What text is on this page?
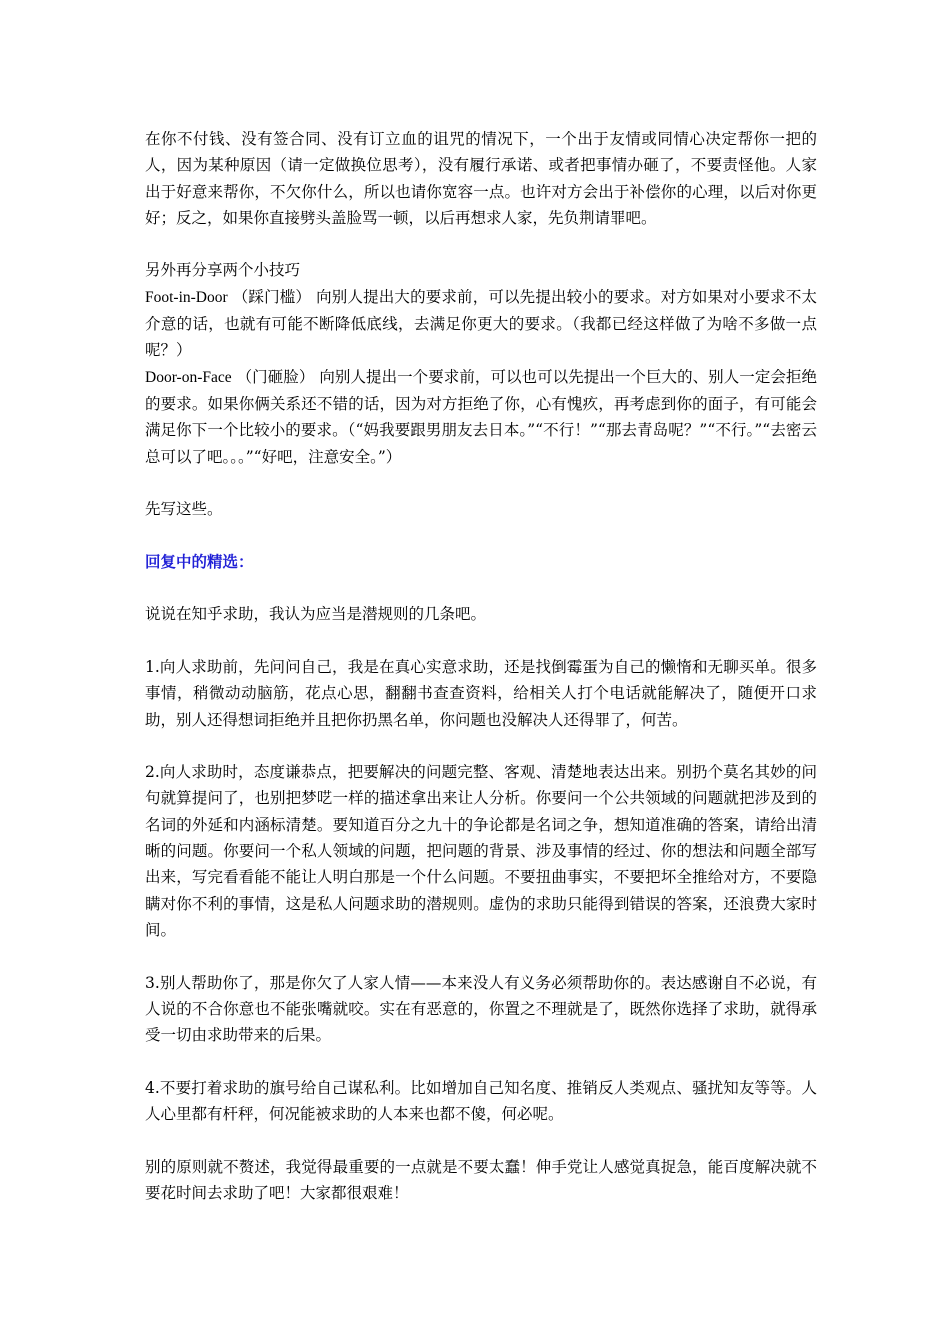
在你不付钱、没有签合同、没有订立血的诅咒的情况下，一个出于友情或同情心决定帮你一把的人，因为某种原因（请一定做换位思考），没有履行承诺、或者把事情办砸了，不要责怪他。人家出于好意来帮你，不欠你什么，所以也请你宽容一点。也许对方会出于补偿你的心理，以后对你更好；反之，如果你直接劈头盖脸骂一顿，以后再想求人家，先负荆请罪吧。

另外再分享两个小技巧

Foot-in-Door （踩门槛） 向别人提出大的要求前，可以先提出较小的要求。对方如果对小要求不太介意的话，也就有可能不断降低底线，去满足你更大的要求。（我都已经这样做了为啥不多做一点呢？）

Door-on-Face （门砸脸） 向别人提出一个要求前，可以也可以先提出一个巨大的、别人一定会拒绝的要求。如果你俩关系还不错的话，因为对方拒绝了你，心有愧疚，再考虑到你的面子，有可能会满足你下一个比较小的要求。（“妈我要跟男朋友去日本。”“不行！”“那去青岛呢？”“不行。”“去密云总可以了吧。。。”“好吧，注意安全。”）

先写这些。

回复中的精选：

说说在知乎求助，我认为应当是潜规则的几条吧。

1.向人求助前，先问问自己，我是在真心实意求助，还是找倒霉蛋为自己的懒惰和无聊买单。很多事情，稍微动动脑筋，花点心思，翻翻书查查资料，给相关人打个电话就能解决了，随便开口求助，别人还得想词拒绝并且把你扔黑名单，你问题也没解决人还得罪了，何苦。

2.向人求助时，态度谦恭点，把要解决的问题完整、客观、清楚地表达出来。别扔个莫名其妙的问句就算提问了，也别把梦呓一样的描述拿出来让人分析。你要问一个公共领域的问题就把涉及到的名词的外延和内涵标清楚。要知道百分之九十的争论都是名词之争，想知道准确的答案，请给出清晰的问题。你要问一个私人领域的问题，把问题的背景、涉及事情的经过、你的想法和问题全部写出来，写完看看能不能让人明白那是一个什么问题。不要扭曲事实，不要把坏全推给对方，不要隐瞒对你不利的事情，这是私人问题求助的潜规则。虚伪的求助只能得到错误的答案，还浪费大家时间。

3.别人帮助你了，那是你欠了人家人情——本来没人有义务必须帮助你的。表达感谢自不必说，有人说的不合你意也不能张嘴就咬。实在有恶意的，你置之不理就是了，既然你选择了求助，就得承受一切由求助带来的后果。

4.不要打着求助的旗号给自己谋私利。比如增加自己知名度、推销反人类观点、骚扰知友等等。人人心里都有杆秤，何况能被求助的人本来也都不傻，何必呢。

别的原则就不赘述，我觉得最重要的一点就是不要太蠢！伸手党让人感觉真捉急，能百度解决就不要花时间去求助了吧！大家都很艰难！
